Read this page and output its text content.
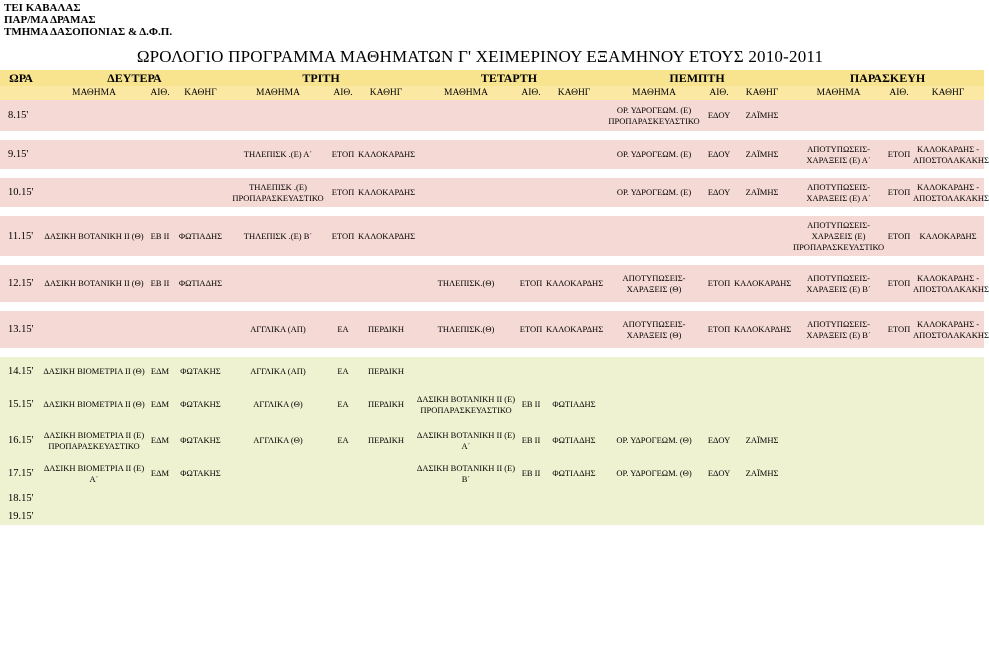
ΤΕΙ ΚΑΒΑΛΑΣ
ΠΑΡ/ΜΑ ΔΡΑΜΑΣ
ΤΜΗΜΑ ΔΑΣΟΠΟΝΙΑΣ & Δ.Φ.Π.
ΩΡΟΛΟΓΙΟ ΠΡΟΓΡΑΜΜΑ ΜΑΘΗΜΑΤΩΝ Γ' ΧΕΙΜΕΡΙΝΟΥ ΕΞΑΜΗΝΟΥ ΕΤΟΥΣ 2010-2011
ΩΡΑ	ΔΕΥΤΕΡΑ			ΤΡΙΤΗ			ΤΕΤΑΡΤΗ			ΠΕΜΠΤΗ			ΠΑΡΑΣΚΕΥΗ		
	ΜΑΘΗΜΑ	ΑΙΘ.	ΚΑΘΗΓ	ΜΑΘΗΜΑ	ΑΙΘ.	ΚΑΘΗΓ	ΜΑΘΗΜΑ	ΑΙΘ.	ΚΑΘΗΓ	ΜΑΘΗΜΑ	ΑΙΘ.	ΚΑΘΗΓ	ΜΑΘΗΜΑ	ΑΙΘ.	ΚΑΘΗΓ
8.15'										ΟΡ. ΥΔΡΟΓΕΩΜ. (Ε) ΠΡΟΠΑΡΑΣΚΕΥΑΣΤΙΚΟ	ΕΔΟΥ	ΖΑΪΜΗΣ			

9.15'				ΤΗΛΕΠΙΣΚ .(Ε) Α΄	ΕΤΟΠ	ΚΑΛΟΚΑΡΔΗΣ				ΟΡ. ΥΔΡΟΓΕΩΜ. (Ε)	ΕΔΟΥ	ΖΑΪΜΗΣ	ΑΠΟΤΥΠΩΣΕΙΣ- ΧΑΡΑΞΕΙΣ (Ε) Α΄	ΕΤΟΠ	ΚΑΛΟΚΑΡΔΗΣ - ΑΠΟΣΤΟΛΑΚΑΚΗΣ

10.15'				ΤΗΛΕΠΙΣΚ .(Ε) ΠΡΟΠΑΡΑΣΚΕΥΑΣΤΙΚΟ	ΕΤΟΠ	ΚΑΛΟΚΑΡΔΗΣ				ΟΡ. ΥΔΡΟΓΕΩΜ. (Ε)	ΕΔΟΥ	ΖΑΪΜΗΣ	ΑΠΟΤΥΠΩΣΕΙΣ- ΧΑΡΑΞΕΙΣ (Ε) Α΄	ΕΤΟΠ	ΚΑΛΟΚΑΡΔΗΣ - ΑΠΟΣΤΟΛΑΚΑΚΗΣ

11.15'	ΔΑΣΙΚΗ ΒΟΤΑΝΙΚΗ ΙΙ (Θ)	ΕΒ ΙΙ	ΦΩΤΙΑΔΗΣ	ΤΗΛΕΠΙΣΚ .(Ε) Β΄	ΕΤΟΠ	ΚΑΛΟΚΑΡΔΗΣ							ΑΠΟΤΥΠΩΣΕΙΣ- ΧΑΡΑΞΕΙΣ (Ε) ΠΡΟΠΑΡΑΣΚΕΥΑΣΤΙΚΟ	ΕΤΟΠ	ΚΑΛΟΚΑΡΔΗΣ

12.15'	ΔΑΣΙΚΗ ΒΟΤΑΝΙΚΗ ΙΙ (Θ)	ΕΒ ΙΙ	ΦΩΤΙΑΔΗΣ				ΤΗΛΕΠΙΣΚ.(Θ)	ΕΤΟΠ	ΚΑΛΟΚΑΡΔΗΣ	ΑΠΟΤΥΠΩΣΕΙΣ- ΧΑΡΑΞΕΙΣ (Θ)	ΕΤΟΠ	ΚΑΛΟΚΑΡΔΗΣ	ΑΠΟΤΥΠΩΣΕΙΣ- ΧΑΡΑΞΕΙΣ (Ε) Β΄	ΕΤΟΠ	ΚΑΛΟΚΑΡΔΗΣ - ΑΠΟΣΤΟΛΑΚΑΚΗΣ

13.15'				ΑΓΓΛΙΚΑ (ΑΠ)	ΕΑ	ΠΕΡΔΙΚΗ	ΤΗΛΕΠΙΣΚ.(Θ)	ΕΤΟΠ	ΚΑΛΟΚΑΡΔΗΣ	ΑΠΟΤΥΠΩΣΕΙΣ- ΧΑΡΑΞΕΙΣ (Θ)	ΕΤΟΠ	ΚΑΛΟΚΑΡΔΗΣ	ΑΠΟΤΥΠΩΣΕΙΣ- ΧΑΡΑΞΕΙΣ (Ε) Β΄	ΕΤΟΠ	ΚΑΛΟΚΑΡΔΗΣ - ΑΠΟΣΤΟΛΑΚΑΚΗΣ

14.15'	ΔΑΣΙΚΗ ΒΙΟΜΕΤΡΙΑ ΙΙ (Θ)	ΕΔΜ	ΦΩΤΑΚΗΣ	ΑΓΓΛΙΚΑ (ΑΠ)	ΕΑ	ΠΕΡΔΙΚΗ									
15.15'	ΔΑΣΙΚΗ ΒΙΟΜΕΤΡΙΑ ΙΙ (Θ)	ΕΔΜ	ΦΩΤΑΚΗΣ	ΑΓΓΛΙΚΑ (Θ)	ΕΑ	ΠΕΡΔΙΚΗ	ΔΑΣΙΚΗ ΒΟΤΑΝΙΚΗ ΙΙ (Ε) ΠΡΟΠΑΡΑΣΚΕΥΑΣΤΙΚΟ	ΕΒ ΙΙ	ΦΩΤΙΑΔΗΣ						
16.15'	ΔΑΣΙΚΗ ΒΙΟΜΕΤΡΙΑ ΙΙ (Ε) ΠΡΟΠΑΡΑΣΚΕΥΑΣΤΙΚΟ	ΕΔΜ	ΦΩΤΑΚΗΣ	ΑΓΓΛΙΚΑ (Θ)	ΕΑ	ΠΕΡΔΙΚΗ	ΔΑΣΙΚΗ ΒΟΤΑΝΙΚΗ ΙΙ (Ε) Α΄	ΕΒ ΙΙ	ΦΩΤΙΑΔΗΣ	ΟΡ. ΥΔΡΟΓΕΩΜ. (Θ)	ΕΔΟΥ	ΖΑΪΜΗΣ			
17.15'	ΔΑΣΙΚΗ ΒΙΟΜΕΤΡΙΑ ΙΙ (Ε) Α΄	ΕΔΜ	ΦΩΤΑΚΗΣ				ΔΑΣΙΚΗ ΒΟΤΑΝΙΚΗ ΙΙ (Ε) Β΄	ΕΒ ΙΙ	ΦΩΤΙΑΔΗΣ	ΟΡ. ΥΔΡΟΓΕΩΜ. (Θ)	ΕΔΟΥ	ΖΑΪΜΗΣ			
18.15'															
19.15'															
